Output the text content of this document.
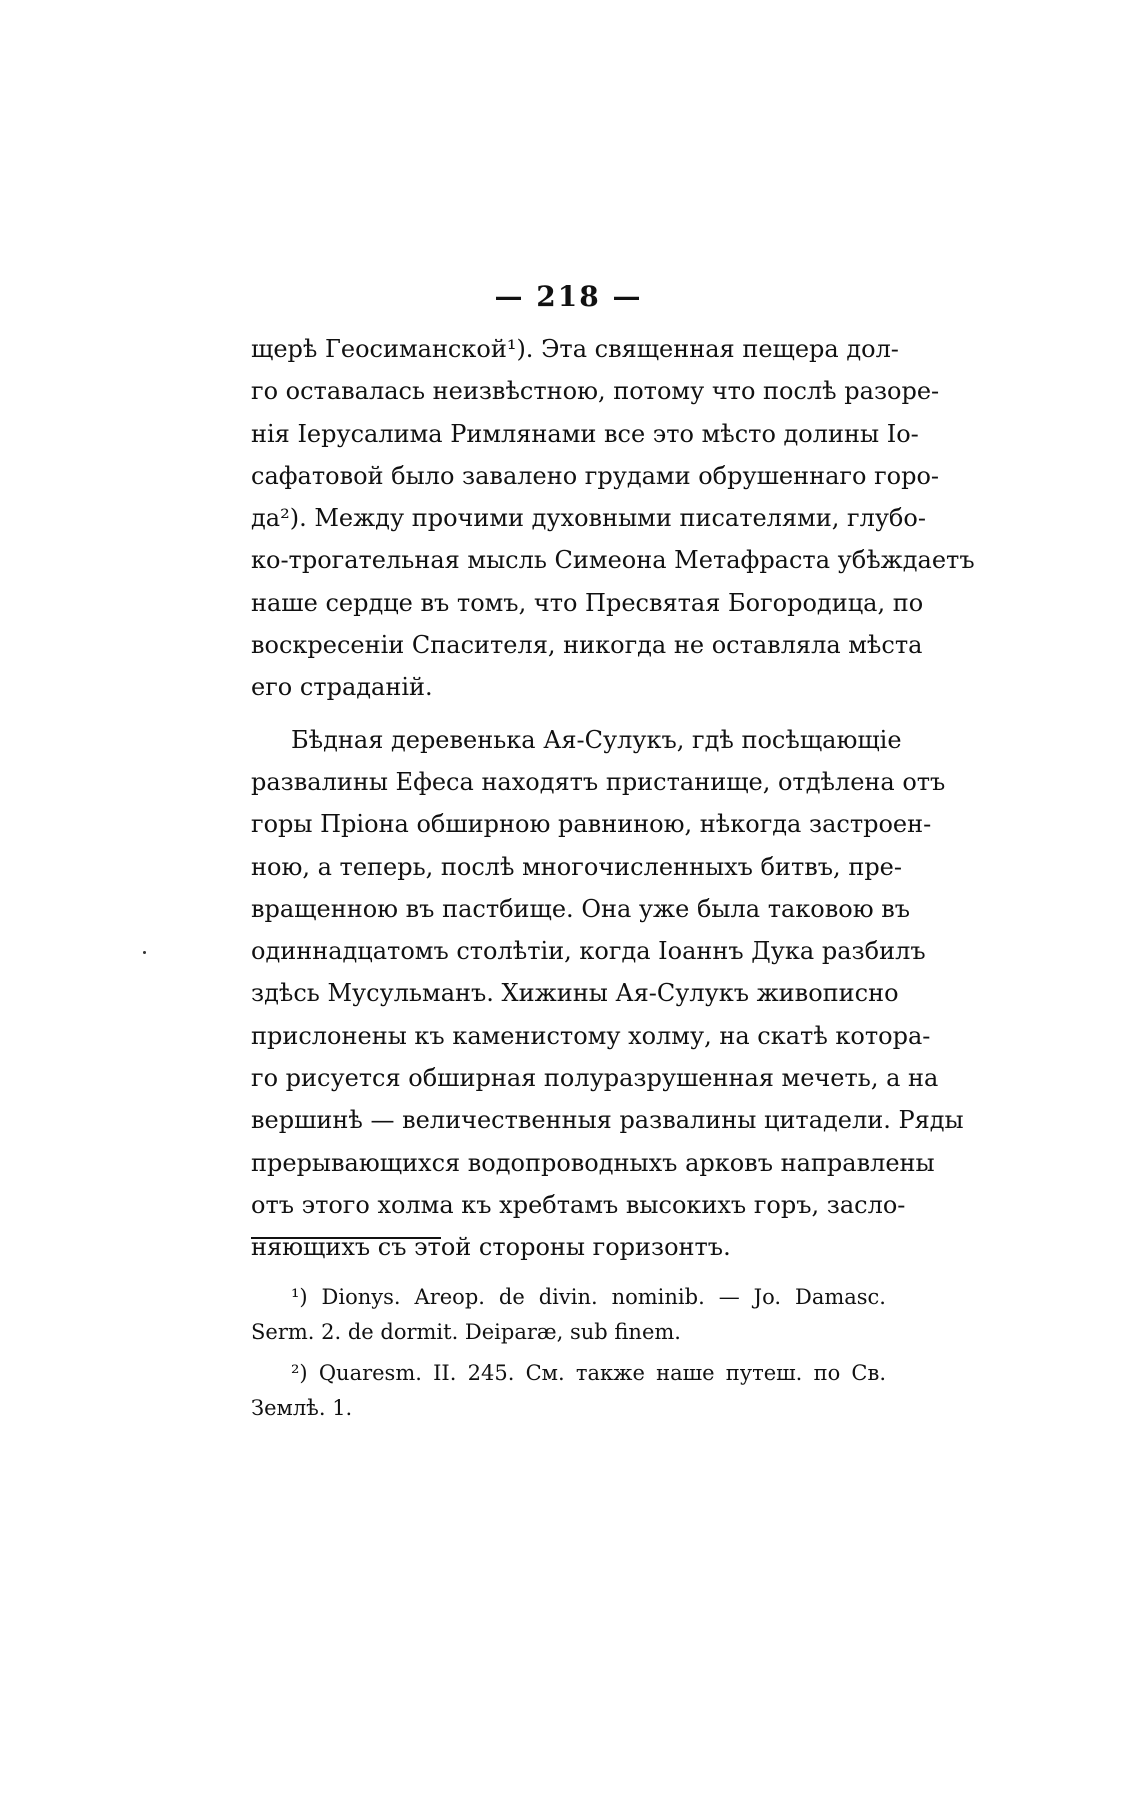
— 218 —
щерѣ Геосиманской¹). Эта священная пещера дол-
го оставалась неизвѣстною, потому что послѣ разоре-
нія Іерусалима Римлянами все это мѣсто долины Іо-
сафатовой было завалено грудами обрушеннаго горо-
да²). Между прочими духовными писателями, глубо-
ко-трогательная мысль Симеона Метафраста убѣждаетъ
наше сердце въ томъ, что Пресвятая Богородица, по
воскресеніи Спасителя, никогда не оставляла мѣста
его страданій.
Бѣдная деревенька Ая-Сулукъ, гдѣ посѣщающіе
развалины Ефеса находятъ пристанище, отдѣлена отъ
горы Пріона обширною равниною, нѣкогда застроен-
ною, а теперь, послѣ многочисленныхъ битвъ, пре-
вращенною въ пастбище. Она уже была таковою въ
одиннадцатомъ столѣтіи, когда Іоаннъ Дука разбилъ
здѣсь Мусульманъ. Хижины Ая-Сулукъ живописно
прислонены къ каменистому холму, на скатѣ которa-
го рисуется обширная полуразрушенная мечеть, а на
вершинѣ — величественныя развалины цитадели. Ряды
прерывающихся водопроводныхъ арковъ направлены
отъ этого холма къ хребтамъ высокихъ горъ, заслo-
няющихъ съ этой стороны горизонтъ.
¹) Dionys. Areop. de divin. nominib. — Jo. Damasc.
Serm. 2. de dormit. Deiparæ, sub finem.
²) Quaresm. II. 245. См. также наше путеш. по Св.
Землѣ. 1.
